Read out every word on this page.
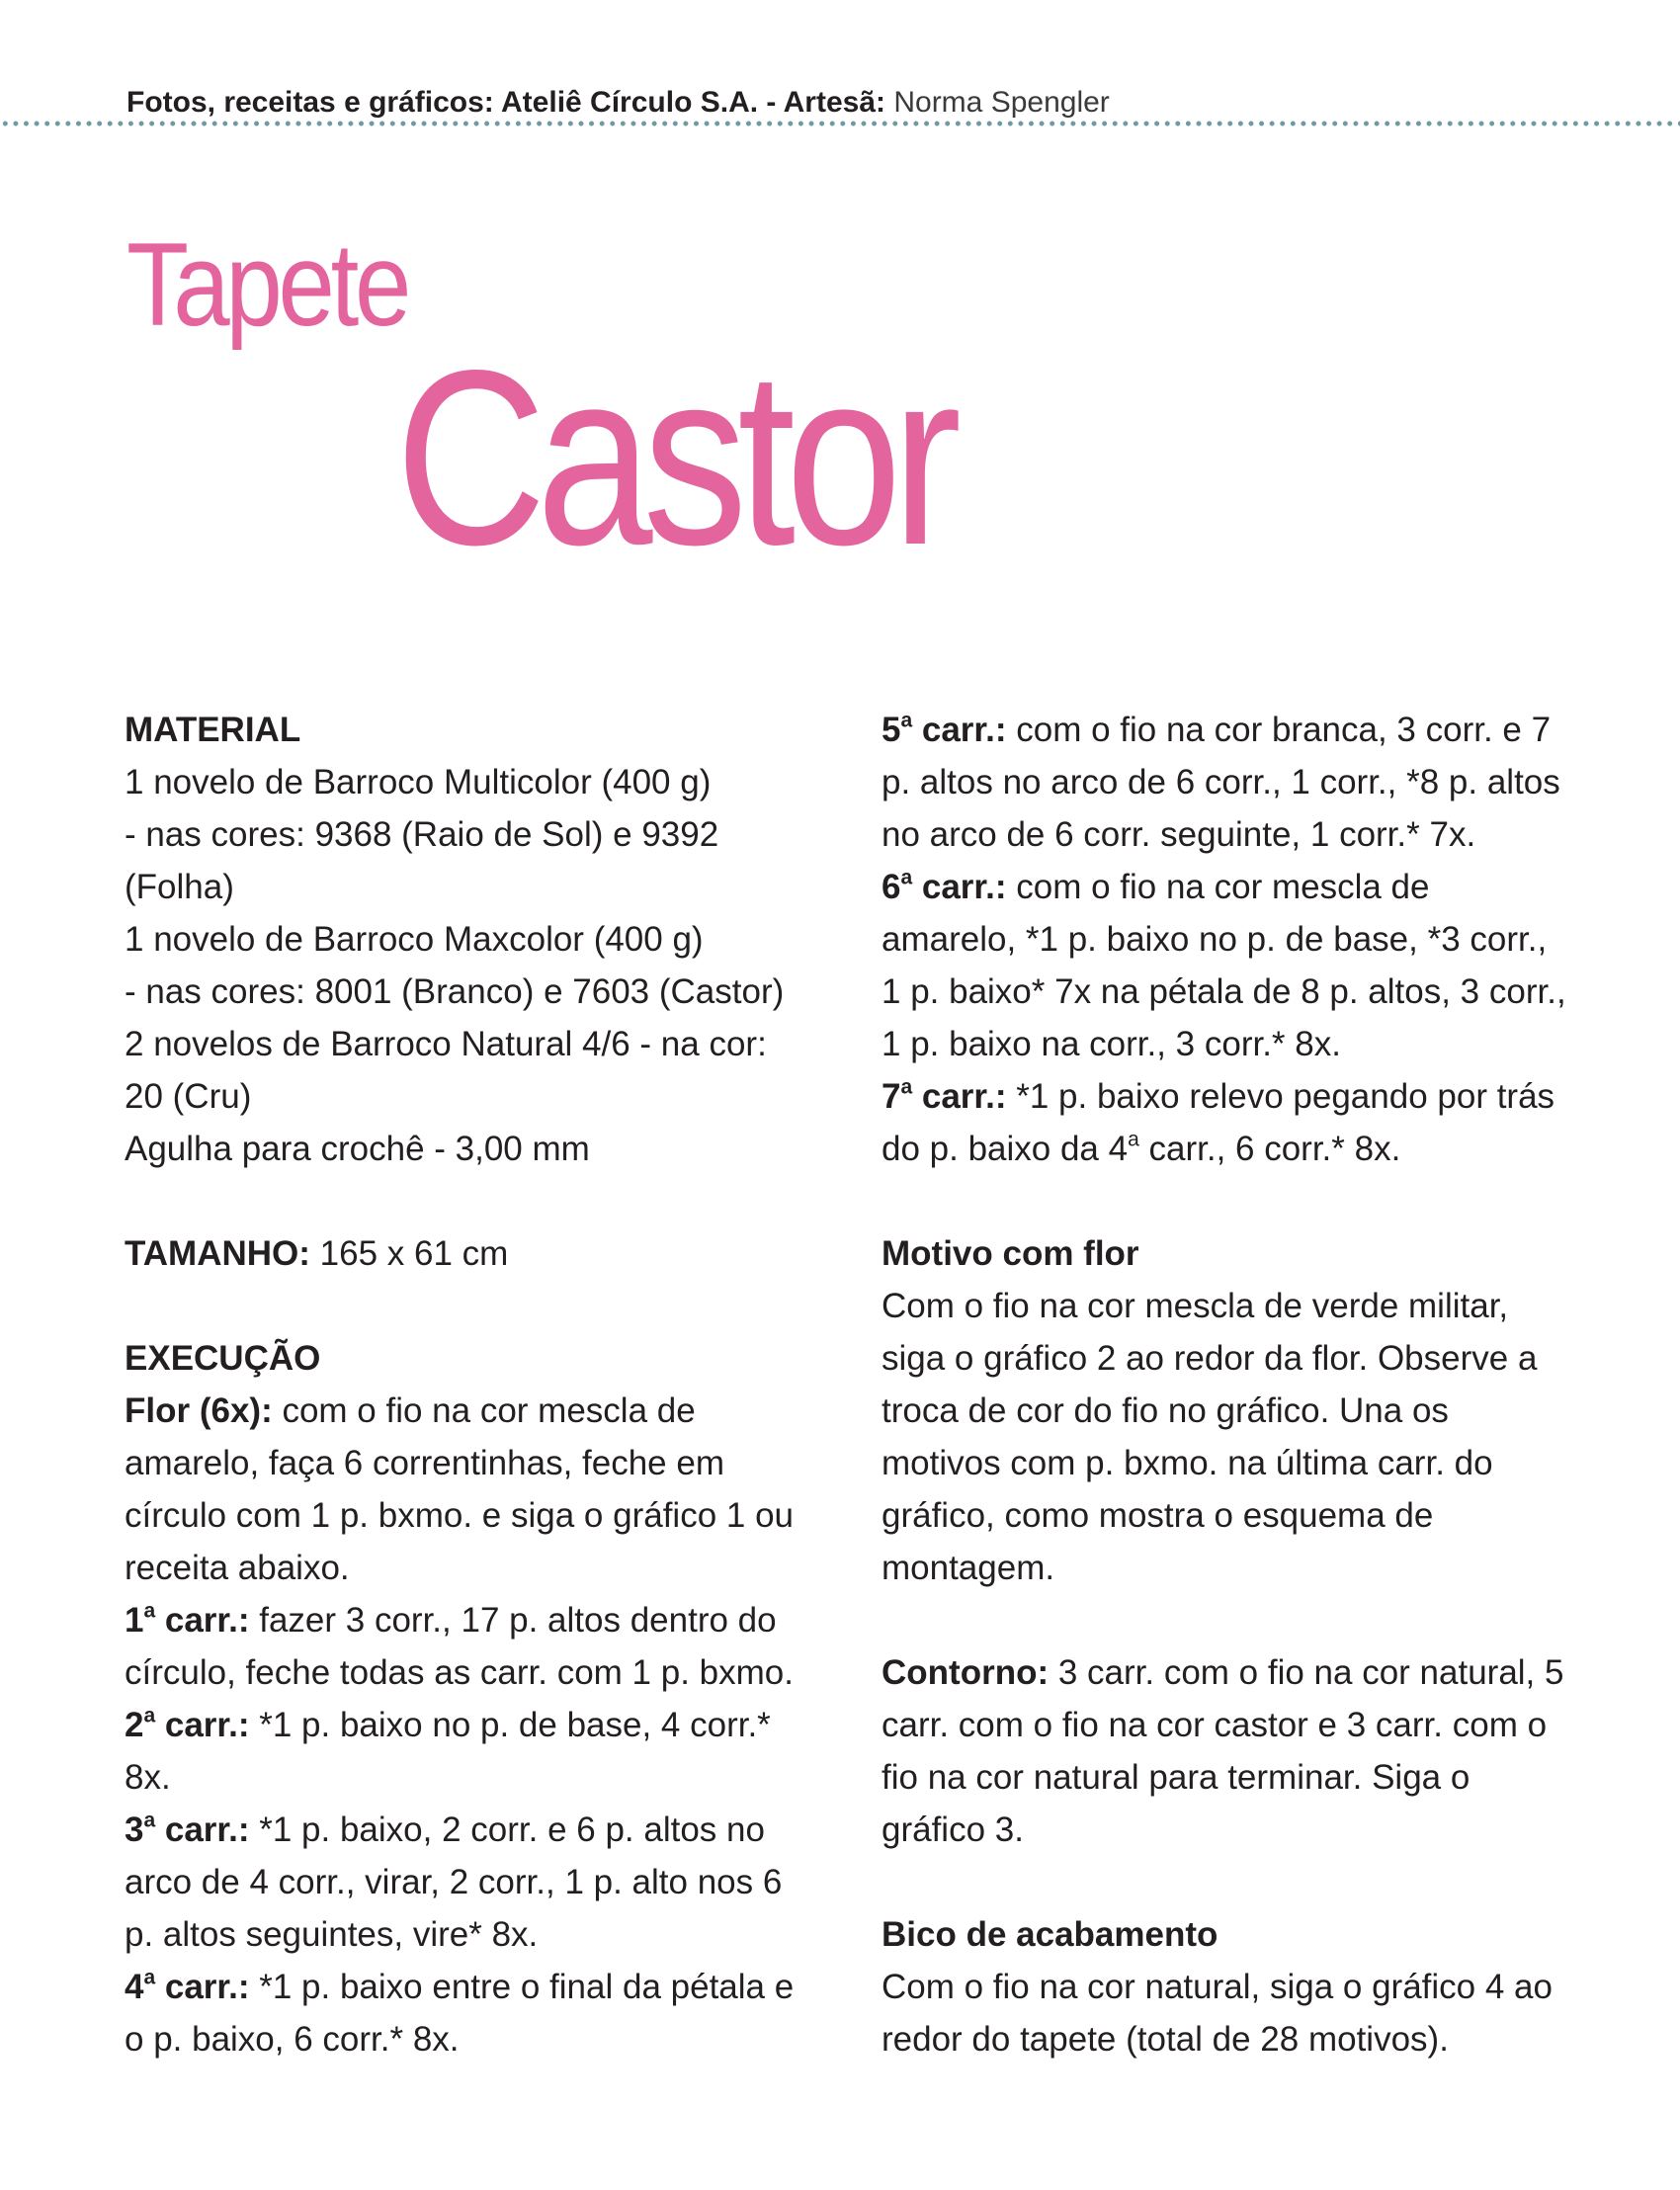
Fotos, receitas e gráficos: Ateliê Círculo S.A. - Artesã: Norma Spengler
Tapete
Castor

MATERIAL

1 novelo de Barroco Multicolor (400 g)

- nas cores: 9368 (Raio de Sol) e 9392 (Folha)

1 novelo de Barroco Maxcolor (400 g)

- nas cores: 8001 (Branco) e 7603 (Castor)

2 novelos de Barroco Natural 4/6 - na cor:

20 (Cru)

Agulha para crochê - 3,00 mm

TAMANHO: 165 x 61 cm

EXECUÇÃO

Flor (6x): com o fio na cor mescla de amarelo, faça 6 correntinhas, feche em círculo com 1 p. bxmo. e siga o gráfico 1 ou receita abaixo.

1$^a$ carr.: fazer 3 corr., 17 p. altos dentro do círculo, feche todas as carr. com 1 p. bxmo.

2$^a$ carr.: *1 p. baixo no p. de base, 4 corr.* 8x.

3$^a$ carr.: *1 p. baixo, 2 corr. e 6 p. altos no arco de 4 corr., virar, 2 corr., 1 p. alto nos 6 p. altos seguintes, vire* 8x.

4$^a$ carr.: *1 p. baixo entre o final da pétala e o p. baixo, 6 corr.* 8x.

5$^a$ carr.: com o fio na cor branca, 3 corr. e 7 p. altos no arco de 6 corr., 1 corr., *8 p. altos no arco de 6 corr. seguinte, 1 corr.* 7x.

6$^a$ carr.: com o fio na cor mescla de amarelo, *1 p. baixo no p. de base, *3 corr., 1 p. baixo* 7x na pétala de 8 p. altos, 3 corr., 1 p. baixo na corr., 3 corr.* 8x.

7$^a$ carr.: *1 p. baixo relevo pegando por trás do p. baixo da 4$^a$ carr., 6 corr.* 8x.

Motivo com flor

Com o fio na cor mescla de verde militar, siga o gráfico 2 ao redor da flor. Observe a troca de cor do fio no gráfico. Una os motivos com p. bxmo. na última carr. do gráfico, como mostra o esquema de montagem.

Contorno: 3 carr. com o fio na cor natural, 5 carr. com o fio na cor castor e 3 carr. com o fio na cor natural para terminar. Siga o gráfico 3.

Bico de acabamento

Com o fio na cor natural, siga o gráfico 4 ao redor do tapete (total de 28 motivos).
